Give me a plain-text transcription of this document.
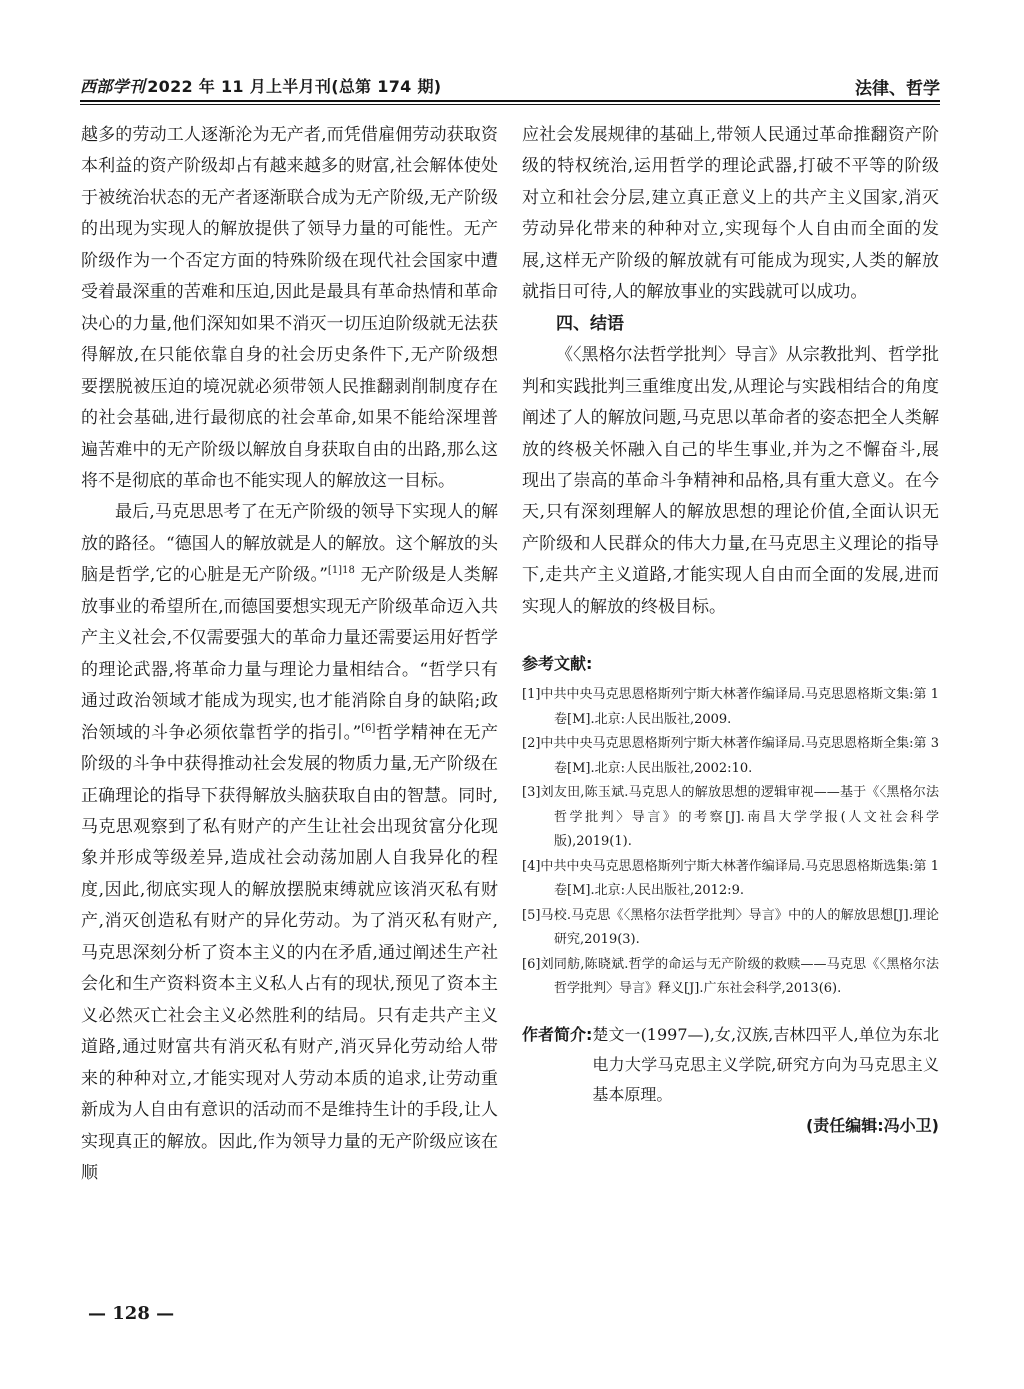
西部学刊 2022 年 11 月上半月刊(总第 174 期)	法律、哲学

越多的劳动工人逐渐沦为无产者,而凭借雇佣劳动获取资本利益的资产阶级却占有越来越多的财富,社会解体使处于被统治状态的无产者逐渐联合成为无产阶级,无产阶级的出现为实现人的解放提供了领导力量的可能性。无产阶级作为一个否定方面的特殊阶级在现代社会国家中遭受着最深重的苦难和压迫,因此是最具有革命热情和革命决心的力量,他们深知如果不消灭一切压迫阶级就无法获得解放,在只能依靠自身的社会历史条件下,无产阶级想要摆脱被压迫的境况就必须带领人民推翻剥削制度存在的社会基础,进行最彻底的社会革命,如果不能给深埋普遍苦难中的无产阶级以解放自身获取自由的出路,那么这将不是彻底的革命也不能实现人的解放这一目标。

最后,马克思思考了在无产阶级的领导下实现人的解放的路径。“德国人的解放就是人的解放。这个解放的头脑是哲学,它的心脏是无产阶级。”$^{[1]18}$ 无产阶级是人类解放事业的希望所在,而德国要想实现无产阶级革命迈入共产主义社会,不仅需要强大的革命力量还需要运用好哲学的理论武器,将革命力量与理论力量相结合。“哲学只有通过政治领域才能成为现实,也才能消除自身的缺陷;政治领域的斗争必须依靠哲学的指引。”[6]哲学精神在无产阶级的斗争中获得推动社会发展的物质力量,无产阶级在正确理论的指导下获得解放头脑获取自由的智慧。同时,马克思观察到了私有财产的产生让社会出现贫富分化现象并形成等级差异,造成社会动荡加剧人自我异化的程度,因此,彻底实现人的解放摆脱束缚就应该消灭私有财产,消灭创造私有财产的异化劳动。为了消灭私有财产,马克思深刻分析了资本主义的内在矛盾,通过阐述生产社会化和生产资料资本主义私人占有的现状,预见了资本主义必然灭亡社会主义必然胜利的结局。只有走共产主义道路,通过财富共有消灭私有财产,消灭异化劳动给人带来的种种对立,才能实现对人劳动本质的追求,让劳动重新成为人自由有意识的活动而不是维持生计的手段,让人实现真正的解放。因此,作为领导力量的无产阶级应该在顺

应社会发展规律的基础上,带领人民通过革命推翻资产阶级的特权统治,运用哲学的理论武器,打破不平等的阶级对立和社会分层,建立真正意义上的共产主义国家,消灭劳动异化带来的种种对立,实现每个人自由而全面的发展,这样无产阶级的解放就有可能成为现实,人类的解放就指日可待,人的解放事业的实践就可以成功。

四、结语

《〈黑格尔法哲学批判〉导言》从宗教批判、哲学批判和实践批判三重维度出发,从理论与实践相结合的角度阐述了人的解放问题,马克思以革命者的姿态把全人类解放的终极关怀融入自己的毕生事业,并为之不懈奋斗,展现出了崇高的革命斗争精神和品格,具有重大意义。在今天,只有深刻理解人的解放思想的理论价值,全面认识无产阶级和人民群众的伟大力量,在马克思主义理论的指导下,走共产主义道路,才能实现人自由而全面的发展,进而实现人的解放的终极目标。

参考文献:

[1]中共中央马克思恩格斯列宁斯大林著作编译局.马克思恩格斯文集:第 1 卷[M].北京:人民出版社,2009.

[2]中共中央马克思恩格斯列宁斯大林著作编译局.马克思恩格斯全集:第 3 卷[M].北京:人民出版社,2002:10.

[3]刘友田,陈玉斌.马克思人的解放思想的逻辑审视——基于《〈黑格尔法哲学批判〉导言》的考察[J].南昌大学学报(人文社会科学版),2019(1).

[4]中共中央马克思恩格斯列宁斯大林著作编译局.马克思恩格斯选集:第 1 卷[M].北京:人民出版社,2012:9.

[5]马校.马克思《〈黑格尔法哲学批判〉导言》中的人的解放思想[J].理论研究,2019(3).

[6]刘同舫,陈晓斌.哲学的命运与无产阶级的救赎——马克思《〈黑格尔法哲学批判〉导言》释义[J].广东社会科学,2013(6).

作者简介: 楚文一(1997—),女,汉族,吉林四平人,单位为东北电力大学马克思主义学院,研究方向为马克思主义基本原理。
(责任编辑:冯小卫)
— 128 —
